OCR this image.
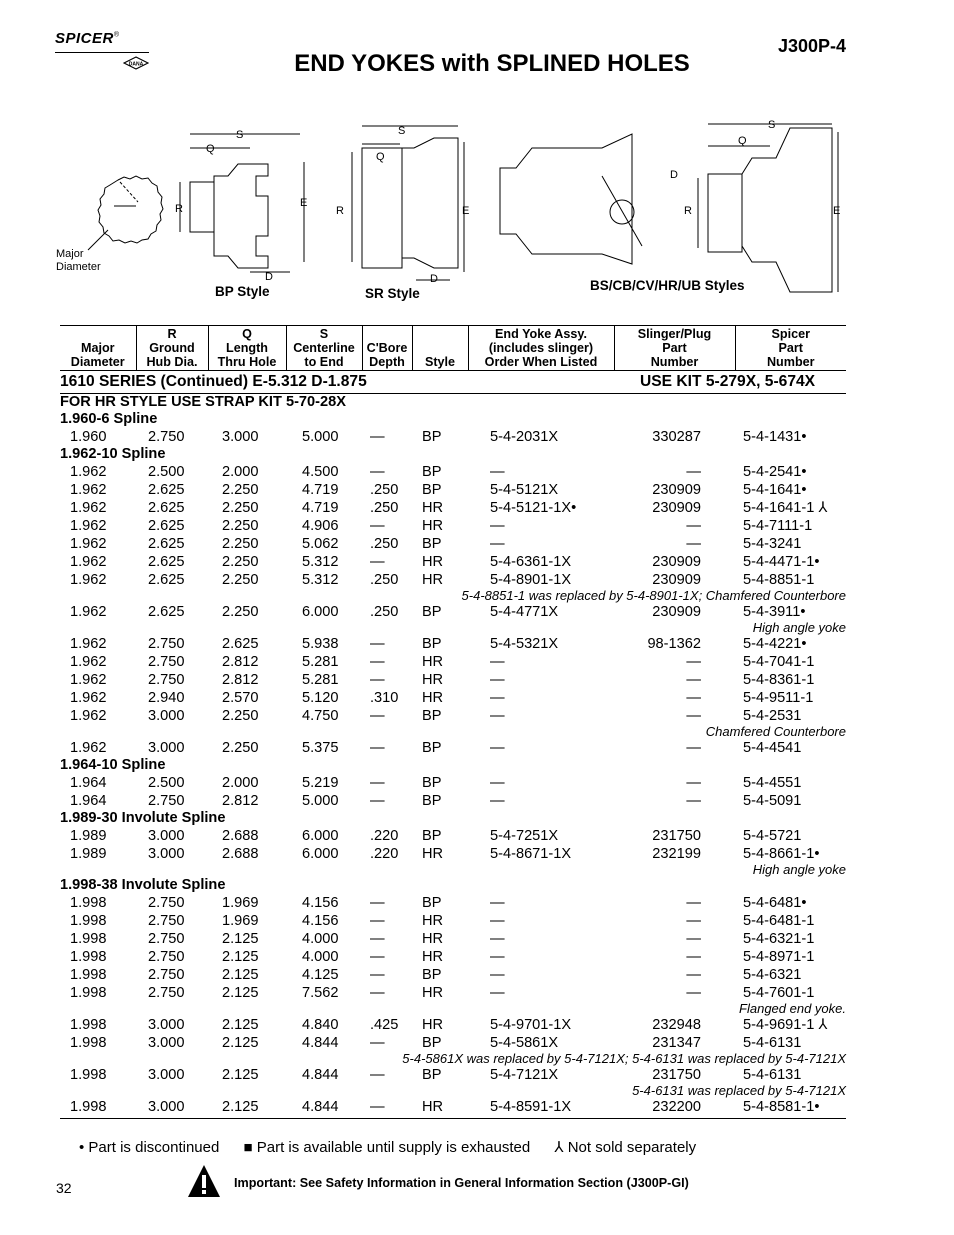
SPICER®
DANA
J300P-4
END YOKES with SPLINED HOLES
S
Q
R	E
D
S
Q
R	E
D
D
S
Q
R	E
Major
Diameter
BP Style	SR Style
BS/CB/CV/HR/UB Styles
Major
Diameter	R
Ground
Hub Dia.	Q
Length
Thru Hole	S
Centerline
to End	C'Bore
Depth	Style	End Yoke Assy.
(includes slinger)
Order When Listed	Slinger/Plug
Part
Number	Spicer
Part
Number
1610 SERIES (Continued) E-5.312 D-1.875							USE KIT 5-279X, 5-674X	
FOR HR STYLE USE STRAP KIT 5-70-28X								
1.960-6 Spline								
1.960	2.750	3.000	5.000	—	BP	5-4-2031X	330287	5-4-1431•
1.962-10 Spline								
1.962	2.500	2.000	4.500	—	BP	—	—	5-4-2541•
1.962	2.625	2.250	4.719	.250	BP	5-4-5121X	230909	5-4-1641•
1.962	2.625	2.250	4.719	.250	HR	5-4-5121-1X•	230909	5-4-1641-1 ⅄
1.962	2.625	2.250	4.906	—	HR	—	—	5-4-7111-1
1.962	2.625	2.250	5.062	.250	BP	—	—	5-4-3241
1.962	2.625	2.250	5.312	—	HR	5-4-6361-1X	230909	5-4-4471-1•
1.962	2.625	2.250	5.312	.250	HR	5-4-8901-1X	230909	5-4-8851-1
5-4-8851-1 was replaced by 5-4-8901-1X; Chamfered Counterbore								
1.962	2.625	2.250	6.000	.250	BP	5-4-4771X	230909	5-4-3911•
High angle yoke								
1.962	2.750	2.625	5.938	—	BP	5-4-5321X	98-1362	5-4-4221•
1.962	2.750	2.812	5.281	—	HR	—	—	5-4-7041-1
1.962	2.750	2.812	5.281	—	HR	—	—	5-4-8361-1
1.962	2.940	2.570	5.120	.310	HR	—	—	5-4-9511-1
1.962	3.000	2.250	4.750	—	BP	—	—	5-4-2531
Chamfered Counterbore								
1.962	3.000	2.250	5.375	—	BP	—	—	5-4-4541
1.964-10 Spline								
1.964	2.500	2.000	5.219	—	BP	—	—	5-4-4551
1.964	2.750	2.812	5.000	—	BP	—	—	5-4-5091
1.989-30 Involute Spline								
1.989	3.000	2.688	6.000	.220	BP	5-4-7251X	231750	5-4-5721
1.989	3.000	2.688	6.000	.220	HR	5-4-8671-1X	232199	5-4-8661-1•
High angle yoke								
1.998-38 Involute Spline								
1.998	2.750	1.969	4.156	—	BP	—	—	5-4-6481•
1.998	2.750	1.969	4.156	—	HR	—	—	5-4-6481-1
1.998	2.750	2.125	4.000	—	HR	—	—	5-4-6321-1
1.998	2.750	2.125	4.000	—	HR	—	—	5-4-8971-1
1.998	2.750	2.125	4.125	—	BP	—	—	5-4-6321
1.998	2.750	2.125	7.562	—	HR	—	—	5-4-7601-1
Flanged end yoke.								
1.998	3.000	2.125	4.840	.425	HR	5-4-9701-1X	232948	5-4-9691-1 ⅄
1.998	3.000	2.125	4.844	—	BP	5-4-5861X	231347	5-4-6131
5-4-5861X was replaced by 5-4-7121X; 5-4-6131 was replaced by 5-4-7121X								
1.998	3.000	2.125	4.844	—	BP	5-4-7121X	231750	5-4-6131
5-4-6131 was replaced by 5-4-7121X								
1.998	3.000	2.125	4.844	—	HR	5-4-8591-1X	232200	5-4-8581-1•
• Part is discontinued ■ Part is available until supply is exhausted ⅄ Not sold separately
32	Important: See Safety Information in General Information Section (J300P-GI)
